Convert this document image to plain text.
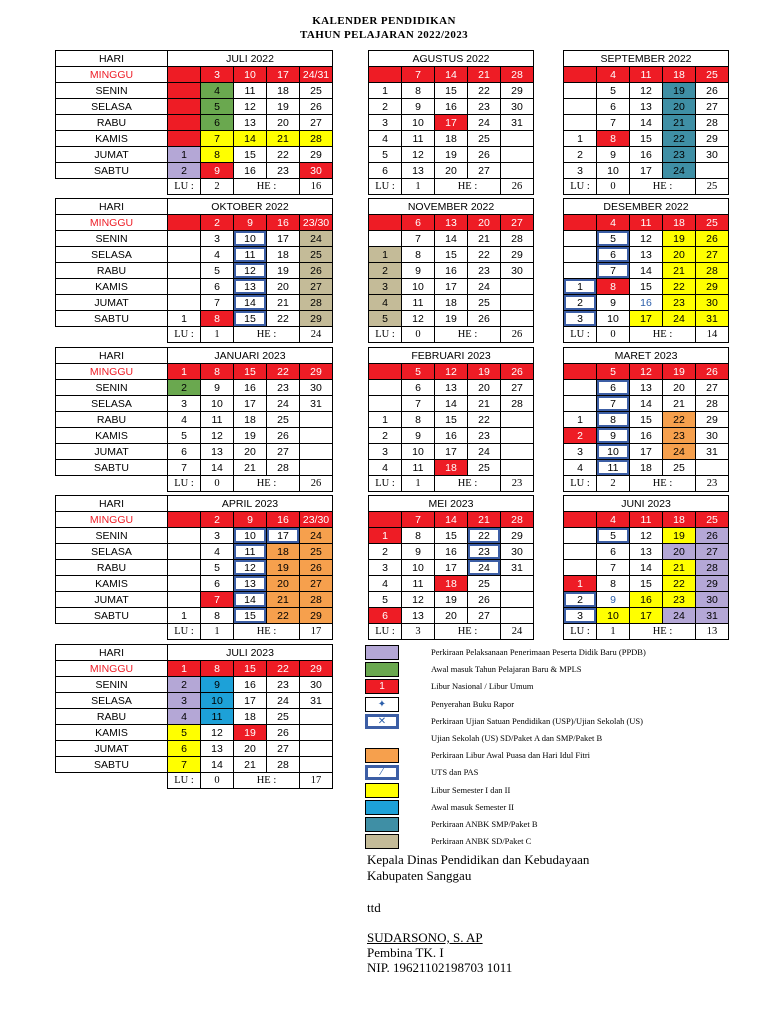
KALENDER PENDIDIKAN
TAHUN PELAJARAN 2022/2023
HARI	JULI 2022				
MINGGU		3	10	17	24/31
SENIN		4	11	18	25
SELASA		5	12	19	26
RABU		6	13	20	27
KAMIS		7	14	21	28
JUMAT	1	8	15	22	29
SABTU	2	9	16	23	30
	LU :	2	HE :		16
AGUSTUS 2022				
	7	14	21	28
1	8	15	22	29
2	9	16	23	30
3	10	17	24	31
4	11	18	25	
5	12	19	26	
6	13	20	27	
LU :	1	HE :		26
SEPTEMBER 2022				
	4	11	18	25
	5	12	19	26
	6	13	20	27
	7	14	21	28
1	8	15	22	29
2	9	16	23	30
3	10	17	24	
LU :	0	HE :		25
HARI	OKTOBER 2022				
MINGGU		2	9	16	23/30
SENIN		3	10	17	24
SELASA		4	11	18	25
RABU		5	12	19	26
KAMIS		6	13	20	27
JUMAT		7	14	21	28
SABTU	1	8	15	22	29
	LU :	1	HE :		24
NOVEMBER 2022				
	6	13	20	27
	7	14	21	28
1	8	15	22	29
2	9	16	23	30
3	10	17	24	
4	11	18	25	
5	12	19	26	
LU :	0	HE :		26
DESEMBER 2022				
	4	11	18	25
	5	12	19	26
	6	13	20	27
	7	14	21	28
1	8	15	22	29
2	9	16	23	30
3	10	17	24	31
LU :	0	HE :		14
HARI	JANUARI 2023				
MINGGU	1	8	15	22	29
SENIN	2	9	16	23	30
SELASA	3	10	17	24	31
RABU	4	11	18	25	
KAMIS	5	12	19	26	
JUMAT	6	13	20	27	
SABTU	7	14	21	28	
	LU :	0	HE :		26
FEBRUARI 2023				
	5	12	19	26
	6	13	20	27
	7	14	21	28
1	8	15	22	
2	9	16	23	
3	10	17	24	
4	11	18	25	
LU :	1	HE :		23
MARET 2023				
	5	12	19	26
	6	13	20	27
	7	14	21	28
1	8	15	22	29
2	9	16	23	30
3	10	17	24	31
4	11	18	25	
LU :	2	HE :		23
HARI	APRIL 2023				
MINGGU		2	9	16	23/30
SENIN		3	10	17	24
SELASA		4	11	18	25
RABU		5	12	19	26
KAMIS		6	13	20	27
JUMAT		7	14	21	28
SABTU	1	8	15	22	29
	LU :	1	HE :		17
MEI 2023				
	7	14	21	28
1	8	15	22	29
2	9	16	23	30
3	10	17	24	31
4	11	18	25	
5	12	19	26	
6	13	20	27	
LU :	3	HE :		24
JUNI 2023				
	4	11	18	25
	5	12	19	26
	6	13	20	27
	7	14	21	28
1	8	15	22	29
2	9	16	23	30
3	10	17	24	31
LU :	1	HE :		13
HARI	JULI 2023				
MINGGU	1	8	15	22	29
SENIN	2	9	16	23	30
SELASA	3	10	17	24	31
RABU	4	11	18	25	
KAMIS	5	12	19	26	
JUMAT	6	13	20	27	
SABTU	7	14	21	28	
	LU :	0	HE :		17
Perkiraan Pelaksanaan Penerimaan Peserta Didik Baru (PPDB)
Awal masuk Tahun Pelajaran Baru & MPLS
1	Libur Nasional / Libur Umum
✦	Penyerahan Buku Rapor
✕	Perkiraan Ujian Satuan Pendidikan (USP)/Ujian Sekolah (US)
Ujian Sekolah (US) SD/Paket A dan SMP/Paket B
Perkiraan Libur Awal Puasa dan Hari Idul Fitri
⁄	UTS dan PAS
Libur Semester I dan II
Awal masuk Semester II
Perkiraan ANBK SMP/Paket B
Perkiraan ANBK SD/Paket C
Kepala Dinas Pendidikan dan Kebudayaan
Kabupaten Sanggau
ttd
SUDARSONO, S. AP
Pembina TK. I
NIP. 19621102198703 1011
